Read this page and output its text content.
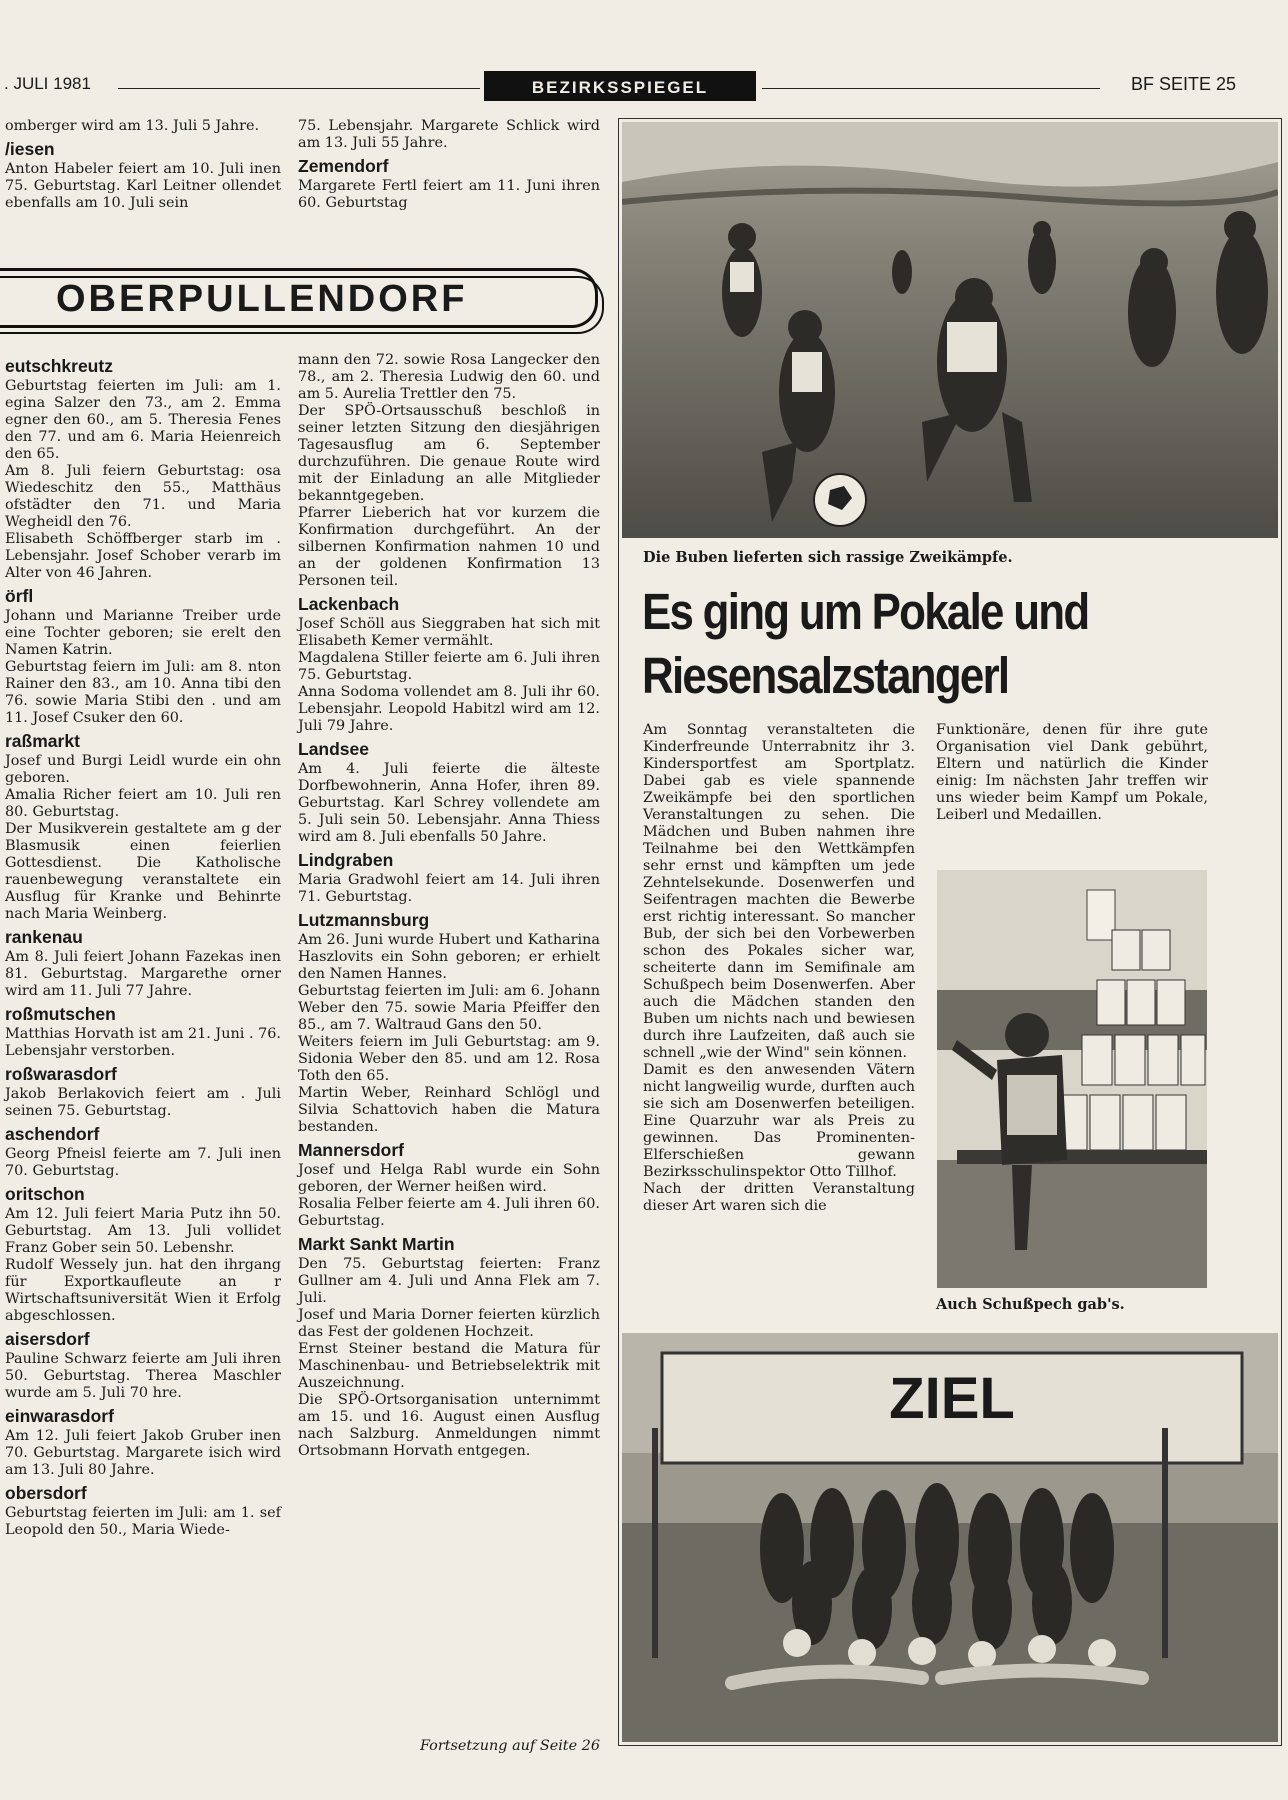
. JULI 1981	BEZIRKSSPIEGEL	BF SEITE 25

omberger wird am 13. Juli 5 Jahre.

/iesen

Anton Habeler feiert am 10. Juli inen 75. Geburtstag. Karl Leitner ollendet ebenfalls am 10. Juli sein

75. Lebensjahr. Margarete Schlick wird am 13. Juli 55 Jahre.

Zemendorf

Margarete Fertl feiert am 11. Juni ihren 60. Geburtstag

OBERPULLENDORF
eutschkreutz

Geburtstag feierten im Juli: am 1. egina Salzer den 73., am 2. Emma egner den 60., am 5. Theresia Fenes den 77. und am 6. Maria Heienreich den 65.

Am 8. Juli feiern Geburtstag: osa Wiedeschitz den 55., Matthäus ofstädter den 71. und Maria Wegheidl den 76.

Elisabeth Schöffberger starb im . Lebensjahr. Josef Schober verarb im Alter von 46 Jahren.

örfl

Johann und Marianne Treiber urde eine Tochter geboren; sie erelt den Namen Katrin.

Geburtstag feiern im Juli: am 8. nton Rainer den 83., am 10. Anna tibi den 76. sowie Maria Stibi den . und am 11. Josef Csuker den 60.

raßmarkt

Josef und Burgi Leidl wurde ein ohn geboren.

Amalia Richer feiert am 10. Juli ren 80. Geburtstag.

Der Musikverein gestaltete am g der Blasmusik einen feierlien Gottesdienst. Die Katholische rauenbewegung veranstaltete ein Ausflug für Kranke und Behinrte nach Maria Weinberg.

rankenau

Am 8. Juli feiert Johann Fazekas inen 81. Geburtstag. Margarethe orner wird am 11. Juli 77 Jahre.

roßmutschen

Matthias Horvath ist am 21. Juni . 76. Lebensjahr verstorben.

roßwarasdorf

Jakob Berlakovich feiert am . Juli seinen 75. Geburtstag.

aschendorf

Georg Pfneisl feierte am 7. Juli inen 70. Geburtstag.

oritschon

Am 12. Juli feiert Maria Putz ihn 50. Geburtstag. Am 13. Juli vollidet Franz Gober sein 50. Lebenshr.

Rudolf Wessely jun. hat den ihrgang für Exportkaufleute an r Wirtschaftsuniversität Wien it Erfolg abgeschlossen.

aisersdorf

Pauline Schwarz feierte am Juli ihren 50. Geburtstag. Thereа Maschler wurde am 5. Juli 70 hre.

einwarasdorf

Am 12. Juli feiert Jakob Gruber inen 70. Geburtstag. Margarete isich wird am 13. Juli 80 Jahre.

obersdorf

Geburtstag feierten im Juli: am 1. sef Leopold den 50., Maria Wiede-

mann den 72. sowie Rosa Langecker den 78., am 2. Theresia Ludwig den 60. und am 5. Aurelia Trettler den 75.

Der SPÖ-Ortsausschuß beschloß in seiner letzten Sitzung den diesjährigen Tagesausflug am 6. September durchzuführen. Die genaue Route wird mit der Einladung an alle Mitglieder bekanntgegeben.

Pfarrer Lieberich hat vor kurzem die Konfirmation durchgeführt. An der silbernen Konfirmation nahmen 10 und an der goldenen Konfirmation 13 Personen teil.

Lackenbach

Josef Schöll aus Sieggraben hat sich mit Elisabeth Kemer vermählt.

Magdalena Stiller feierte am 6. Juli ihren 75. Geburtstag.

Anna Sodoma vollendet am 8. Juli ihr 60. Lebensjahr. Leopold Habitzl wird am 12. Juli 79 Jahre.

Landsee

Am 4. Juli feierte die älteste Dorfbewohnerin, Anna Hofer, ihren 89. Geburtstag. Karl Schrey vollendete am 5. Juli sein 50. Lebensjahr. Anna Thiess wird am 8. Juli ebenfalls 50 Jahre.

Lindgraben

Maria Gradwohl feiert am 14. Juli ihren 71. Geburtstag.

Lutzmannsburg

Am 26. Juni wurde Hubert und Katharina Haszlovits ein Sohn geboren; er erhielt den Namen Hannes.

Geburtstag feierten im Juli: am 6. Johann Weber den 75. sowie Maria Pfeiffer den 85., am 7. Waltraud Gans den 50.

Weiters feiern im Juli Geburtstag: am 9. Sidonia Weber den 85. und am 12. Rosa Toth den 65.

Martin Weber, Reinhard Schlögl und Silvia Schattovich haben die Matura bestanden.

Mannersdorf

Josef und Helga Rabl wurde ein Sohn geboren, der Werner heißen wird.

Rosalia Felber feierte am 4. Juli ihren 60. Geburtstag.

Markt Sankt Martin

Den 75. Geburtstag feierten: Franz Gullner am 4. Juli und Anna Flek am 7. Juli.

Josef und Maria Dorner feierten kürzlich das Fest der goldenen Hochzeit.

Ernst Steiner bestand die Matura für Maschinenbau- und Betriebselektrik mit Auszeichnung.

Die SPÖ-Ortsorganisation unternimmt am 15. und 16. August einen Ausflug nach Salzburg. Anmeldungen nimmt Ortsobmann Horvath entgegen.

Fortsetzung auf Seite 26

Die Buben lieferten sich rassige Zweikämpfe.
Es ging um Pokale und Riesensalzstangerl

Am Sonntag veranstalteten die Kinderfreunde Unterrabnitz ihr 3. Kindersportfest am Sportplatz. Dabei gab es viele spannende Zweikämpfe bei den sportlichen Veranstaltungen zu sehen. Die Mädchen und Buben nahmen ihre Teilnahme bei den Wettkämpfen sehr ernst und kämpften um jede Zehntelsekunde. Dosenwerfen und Seifentragen machten die Bewerbe erst richtig interessant. So mancher Bub, der sich bei den Vorbewerben schon des Pokales sicher war, scheiterte dann im Semifinale am Schußpech beim Dosenwerfen. Aber auch die Mädchen standen den Buben um nichts nach und bewiesen durch ihre Laufzeiten, daß auch sie schnell „wie der Wind" sein können.

Damit es den anwesenden Vätern nicht langweilig wurde, durften auch sie sich am Dosenwerfen beteiligen. Eine Quarzuhr war als Preis zu gewinnen. Das Prominenten-Elferschießen gewann Bezirksschulinspektor Otto Tillhof.

Nach der dritten Veranstaltung dieser Art waren sich die

Funktionäre, denen für ihre gute Organisation viel Dank gebührt, Eltern und natürlich die Kinder einig: Im nächsten Jahr treffen wir uns wieder beim Kampf um Pokale, Leiberl und Medaillen.

Auch Schußpech gab's.
ZIEL
